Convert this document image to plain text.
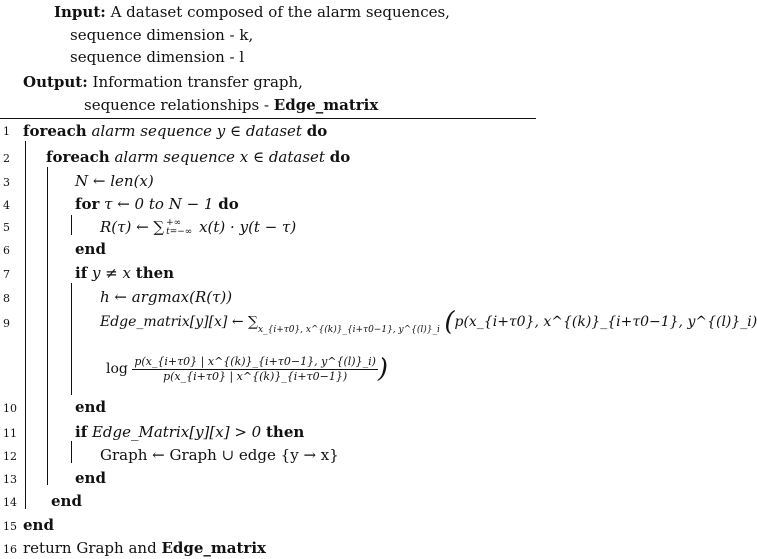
Input: A dataset composed of the alarm sequences,
sequence dimension - k,
sequence dimension - l
Output: Information transfer graph,
sequence relationships - Edge_matrix
1
2
3
4
5
6
7
8
9
10
11
12
13
14
15
16
foreach alarm sequence y ∈ dataset do
foreach alarm sequence x ∈ dataset do
N ← len(x)
for τ ← 0 to N − 1 do
R(τ) ← ∑ +∞
t=−∞ x(t) · y(t − τ)
end
if y ≠ x then
h ← argmax(R(τ))
Edge_matrix[y][x] ← $\sum_{x\_\{i+\tau 0\}, x\^{}\{(k)\}\_\{i+\tau 0-1\}, y\^{}\{(l)\}\_i}$ (p(x_{i+τ0}, x^{(k)}_{i+τ0−1}, y^{(l)}_i)
$\log \frac{p(x\_\{i+\tau 0\} | x\^{}\{(k)\}\_\{i+\tau 0-1\}, y\^{}\{(l)\}\_i)}{p(x\_\{i+\tau 0\} | x\^{}\{(k)\}\_\{i+\tau 0-1\})}$ )
end
if Edge_Matrix[y][x] > 0 then
Graph ← Graph ∪ edge {y → x}
end
end
end
return Graph and Edge_matrix
